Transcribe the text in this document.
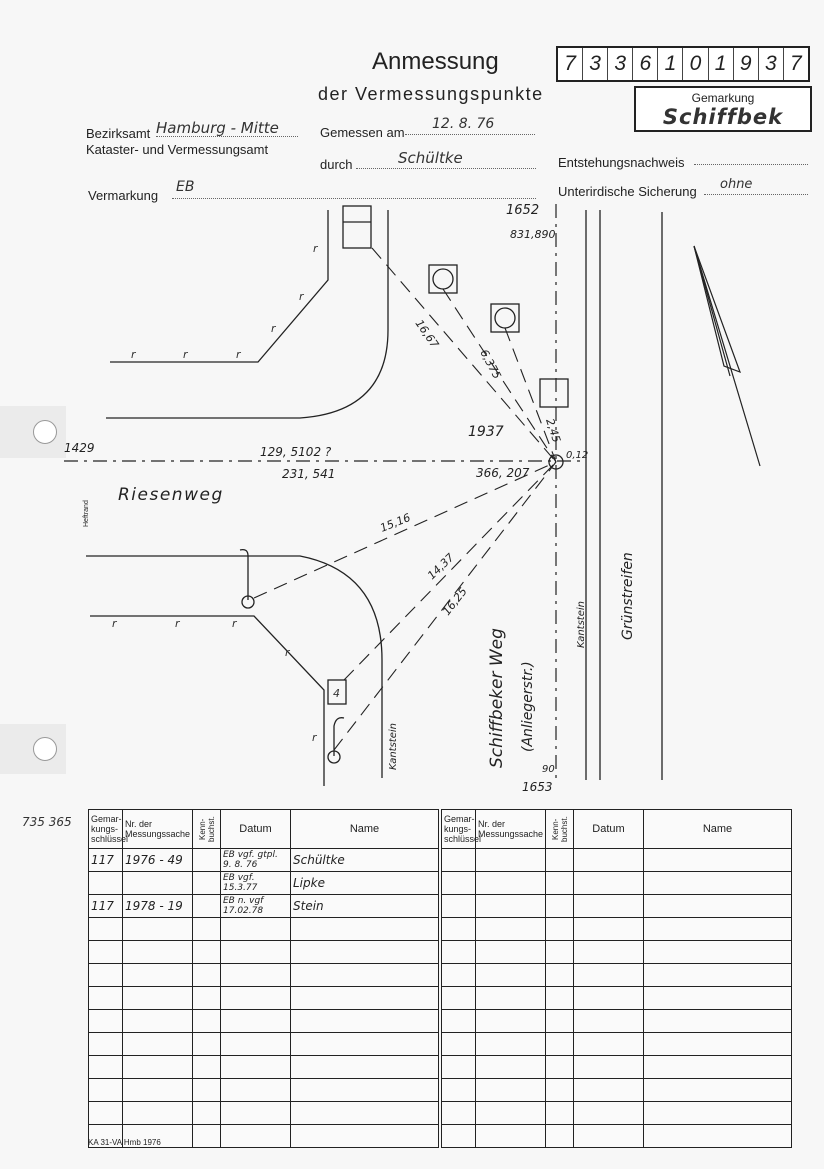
Anmessung
der Vermessungspunkte
7 3 3 6 1 0 1 9 3 7
Gemarkung
Schiffbek
Bezirksamt Hamburg - Mitte
Kataster- und Vermessungsamt
Gemessen am
12. 8. 76
durch	Schültke	Entstehungsnachweis
Vermarkung
EB	Unterirdische Sicherung ohne
r
r
r
r	r	r
r	r	r
r
r
4
1652
831,890
1937
1429
1653
129, 5102 ?
231, 541	366, 207
0,12
16,67
6,375
2,45
15,16
14,37
16,25
90
Riesenweg
Schiffbeker Weg (Anliegerstr.)
Kantstein
Kantstein
Grünstreifen
Heftrand
735 365 Gemar-kungs-schlüssel	Nr. der Messungssache	Kenn-buchst.	Datum	Name
117	1976 - 49		EB vgf. gtpl. 9. 8. 76	Schültke
			EB vgf. 15.3.77	Lipke
117	1978 - 19		EB n. vgf 17.02.78	Stein

Gemar-kungs-schlüssel	Nr. der Messungssache	Kenn-buchst.	Datum	Name

KA 31-VA Hmb 1976
